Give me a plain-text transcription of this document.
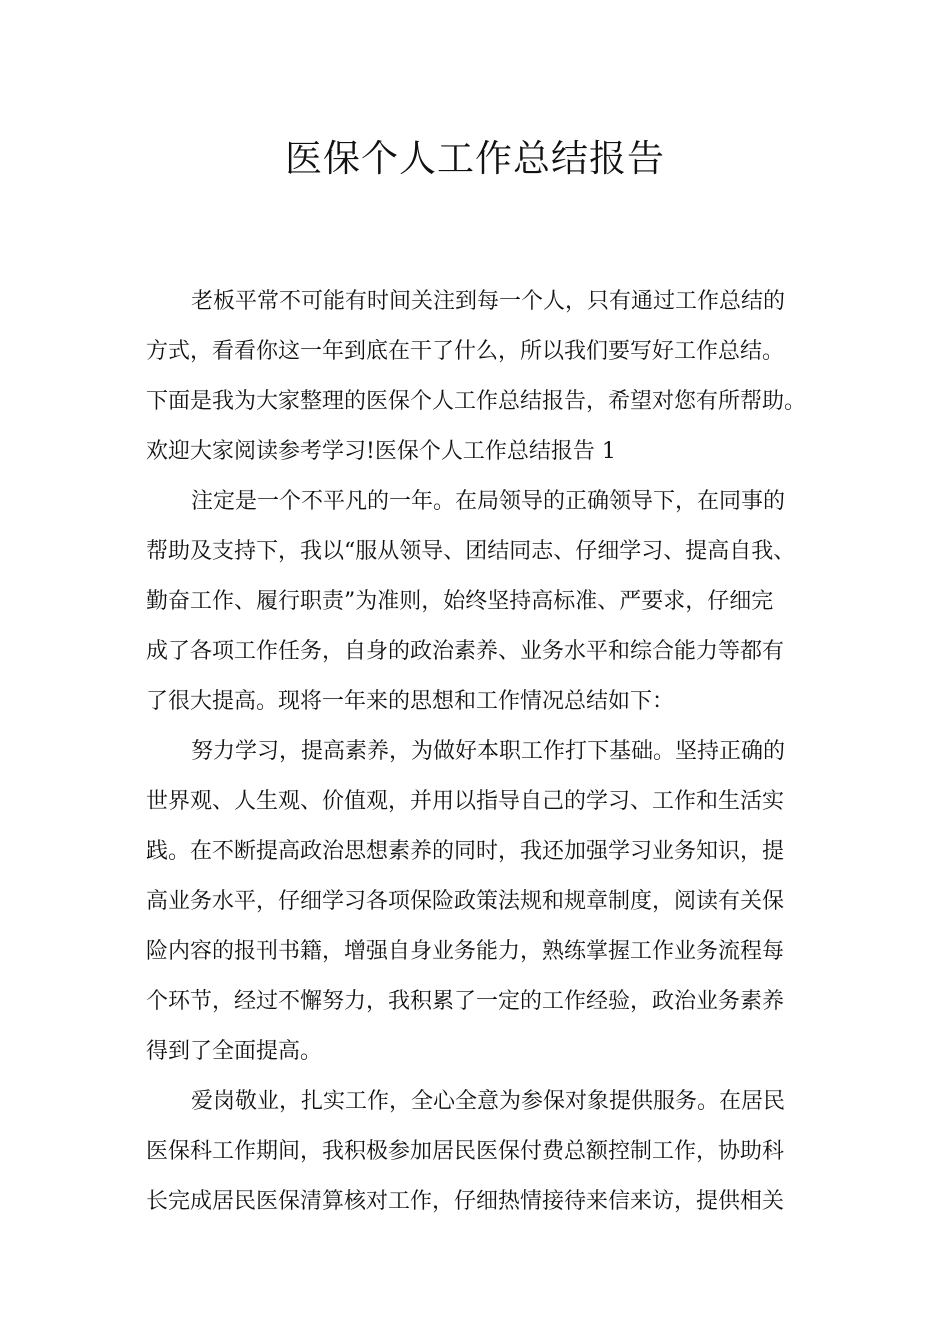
医保个人工作总结报告
老板平常不可能有时间关注到每一个人，只有通过工作总结的
方式，看看你这一年到底在干了什么，所以我们要写好工作总结。
下面是我为大家整理的医保个人工作总结报告，希望对您有所帮助。
欢迎大家阅读参考学习!医保个人工作总结报告 1
注定是一个不平凡的一年。在局领导的正确领导下，在同事的
帮助及支持下，我以“服从领导、团结同志、仔细学习、提高自我、
勤奋工作、履行职责”为准则，始终坚持高标准、严要求，仔细完
成了各项工作任务，自身的政治素养、业务水平和综合能力等都有
了很大提高。现将一年来的思想和工作情况总结如下：
努力学习，提高素养，为做好本职工作打下基础。坚持正确的
世界观、人生观、价值观，并用以指导自己的学习、工作和生活实
践。在不断提高政治思想素养的同时，我还加强学习业务知识，提
高业务水平，仔细学习各项保险政策法规和规章制度，阅读有关保
险内容的报刊书籍，增强自身业务能力，熟练掌握工作业务流程每
个环节，经过不懈努力，我积累了一定的工作经验，政治业务素养
得到了全面提高。
爱岗敬业，扎实工作，全心全意为参保对象提供服务。在居民
医保科工作期间，我积极参加居民医保付费总额控制工作，协助科
长完成居民医保清算核对工作，仔细热情接待来信来访，提供相关
